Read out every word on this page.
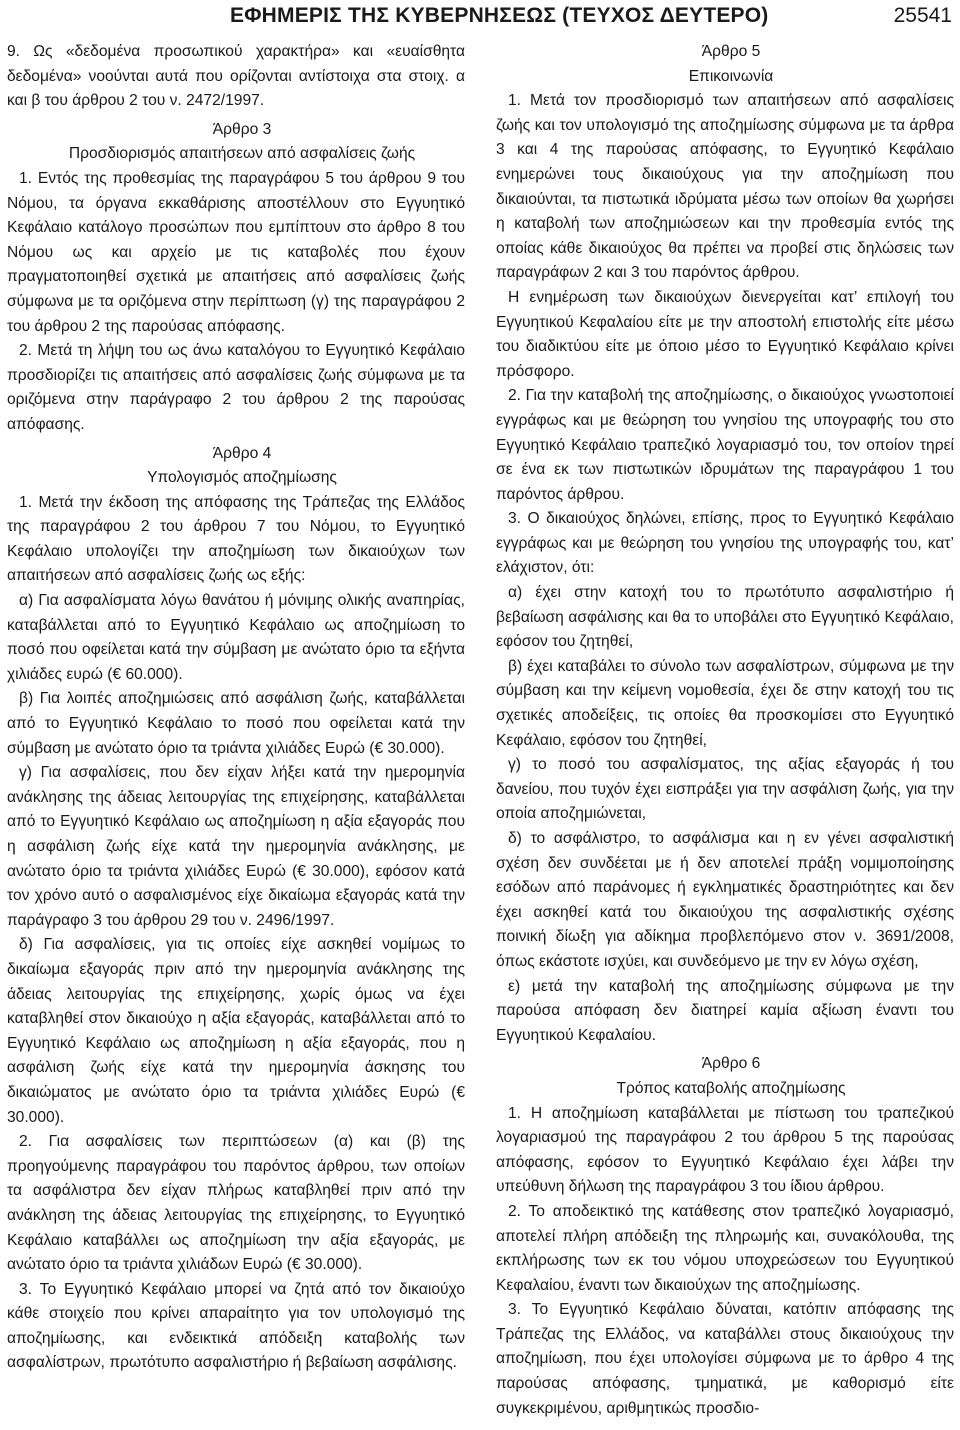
ΕΦΗΜΕΡΙΣ ΤΗΣ ΚΥΒΕΡΝΗΣΕΩΣ (ΤΕΥΧΟΣ ΔΕΥΤΕΡΟ)	25541

9. Ως «δεδομένα προσωπικού χαρακτήρα» και «ευαίσθητα δεδομένα» νοούνται αυτά που ορίζονται αντίστοιχα στα στοιχ. α και β του άρθρου 2 του ν. 2472/1997.

Άρθρο 3

Προσδιορισμός απαιτήσεων από ασφαλίσεις ζωής

1. Εντός της προθεσμίας της παραγράφου 5 του άρθρου 9 του Νόμου, τα όργανα εκκαθάρισης αποστέλλουν στο Εγγυητικό Κεφάλαιο κατάλογο προσώπων που εμπίπτουν στο άρθρο 8 του Νόμου ως και αρχείο με τις καταβολές που έχουν πραγματοποιηθεί σχετικά με απαιτήσεις από ασφαλίσεις ζωής σύμφωνα με τα οριζόμενα στην περίπτωση (γ) της παραγράφου 2 του άρθρου 2 της παρούσας απόφασης.

2. Μετά τη λήψη του ως άνω καταλόγου το Εγγυητικό Κεφάλαιο προσδιορίζει τις απαιτήσεις από ασφαλίσεις ζωής σύμφωνα με τα οριζόμενα στην παράγραφο 2 του άρθρου 2 της παρούσας απόφασης.

Άρθρο 4

Υπολογισμός αποζημίωσης

1. Μετά την έκδοση της απόφασης της Τράπεζας της Ελλάδος της παραγράφου 2 του άρθρου 7 του Νόμου, το Εγγυητικό Κεφάλαιο υπολογίζει την αποζημίωση των δικαιούχων των απαιτήσεων από ασφαλίσεις ζωής ως εξής:

α) Για ασφαλίσματα λόγω θανάτου ή μόνιμης ολικής αναπηρίας, καταβάλλεται από το Εγγυητικό Κεφάλαιο ως αποζημίωση το ποσό που οφείλεται κατά την σύμβαση με ανώτατο όριο τα εξήντα χιλιάδες ευρώ (€ 60.000).

β) Για λοιπές αποζημιώσεις από ασφάλιση ζωής, καταβάλλεται από το Εγγυητικό Κεφάλαιο το ποσό που οφείλεται κατά την σύμβαση με ανώτατο όριο τα τριάντα χιλιάδες Ευρώ (€ 30.000).

γ) Για ασφαλίσεις, που δεν είχαν λήξει κατά την ημερομηνία ανάκλησης της άδειας λειτουργίας της επιχείρησης, καταβάλλεται από το Εγγυητικό Κεφάλαιο ως αποζημίωση η αξία εξαγοράς που η ασφάλιση ζωής είχε κατά την ημερομηνία ανάκλησης, με ανώτατο όριο τα τριάντα χιλιάδες Ευρώ (€ 30.000), εφόσον κατά τον χρόνο αυτό ο ασφαλισμένος είχε δικαίωμα εξαγοράς κατά την παράγραφο 3 του άρθρου 29 του ν. 2496/1997.

δ) Για ασφαλίσεις, για τις οποίες είχε ασκηθεί νομίμως το δικαίωμα εξαγοράς πριν από την ημερομηνία ανάκλησης της άδειας λειτουργίας της επιχείρησης, χωρίς όμως να έχει καταβληθεί στον δικαιούχο η αξία εξαγοράς, καταβάλλεται από το Εγγυητικό Κεφάλαιο ως αποζημίωση η αξία εξαγοράς, που η ασφάλιση ζωής είχε κατά την ημερομηνία άσκησης του δικαιώματος με ανώτατο όριο τα τριάντα χιλιάδες Ευρώ (€ 30.000).

2. Για ασφαλίσεις των περιπτώσεων (α) και (β) της προηγούμενης παραγράφου του παρόντος άρθρου, των οποίων τα ασφάλιστρα δεν είχαν πλήρως καταβληθεί πριν από την ανάκληση της άδειας λειτουργίας της επιχείρησης, το Εγγυητικό Κεφάλαιο καταβάλλει ως αποζημίωση την αξία εξαγοράς, με ανώτατο όριο τα τριάντα χιλιάδων Ευρώ (€ 30.000).

3. Το Εγγυητικό Κεφάλαιο μπορεί να ζητά από τον δικαιούχο κάθε στοιχείο που κρίνει απαραίτητο για τον υπολογισμό της αποζημίωσης, και ενδεικτικά απόδειξη καταβολής των ασφαλίστρων, πρωτότυπο ασφαλιστήριο ή βεβαίωση ασφάλισης.

Άρθρο 5

Επικοινωνία

1. Μετά τον προσδιορισμό των απαιτήσεων από ασφαλίσεις ζωής και τον υπολογισμό της αποζημίωσης σύμφωνα με τα άρθρα 3 και 4 της παρούσας απόφασης, το Εγγυητικό Κεφάλαιο ενημερώνει τους δικαιούχους για την αποζημίωση που δικαιούνται, τα πιστωτικά ιδρύματα μέσω των οποίων θα χωρήσει η καταβολή των αποζημιώσεων και την προθεσμία εντός της οποίας κάθε δικαιούχος θα πρέπει να προβεί στις δηλώσεις των παραγράφων 2 και 3 του παρόντος άρθρου.

Η ενημέρωση των δικαιούχων διενεργείται κατ’ επιλογή του Εγγυητικού Κεφαλαίου είτε με την αποστολή επιστολής είτε μέσω του διαδικτύου είτε με όποιο μέσο το Εγγυητικό Κεφάλαιο κρίνει πρόσφορο.

2. Για την καταβολή της αποζημίωσης, ο δικαιούχος γνωστοποιεί εγγράφως και με θεώρηση του γνησίου της υπογραφής του στο Εγγυητικό Κεφάλαιο τραπεζικό λογαριασμό του, τον οποίον τηρεί σε ένα εκ των πιστωτικών ιδρυμάτων της παραγράφου 1 του παρόντος άρθρου.

3. Ο δικαιούχος δηλώνει, επίσης, προς το Εγγυητικό Κεφάλαιο εγγράφως και με θεώρηση του γνησίου της υπογραφής του, κατ’ ελάχιστον, ότι:

α) έχει στην κατοχή του το πρωτότυπο ασφαλιστήριο ή βεβαίωση ασφάλισης και θα το υποβάλει στο Εγγυητικό Κεφάλαιο, εφόσον του ζητηθεί,

β) έχει καταβάλει το σύνολο των ασφαλίστρων, σύμφωνα με την σύμβαση και την κείμενη νομοθεσία, έχει δε στην κατοχή του τις σχετικές αποδείξεις, τις οποίες θα προσκομίσει στο Εγγυητικό Κεφάλαιο, εφόσον του ζητηθεί,

γ) το ποσό του ασφαλίσματος, της αξίας εξαγοράς ή του δανείου, που τυχόν έχει εισπράξει για την ασφάλιση ζωής, για την οποία αποζημιώνεται,

δ) το ασφάλιστρο, το ασφάλισμα και η εν γένει ασφαλιστική σχέση δεν συνδέεται με ή δεν αποτελεί πράξη νομιμοποίησης εσόδων από παράνομες ή εγκληματικές δραστηριότητες και δεν έχει ασκηθεί κατά του δικαιούχου της ασφαλιστικής σχέσης ποινική δίωξη για αδίκημα προβλεπόμενο στον ν. 3691/2008, όπως εκάστοτε ισχύει, και συνδεόμενο με την εν λόγω σχέση,

ε) μετά την καταβολή της αποζημίωσης σύμφωνα με την παρούσα απόφαση δεν διατηρεί καμία αξίωση έναντι του Εγγυητικού Κεφαλαίου.

Άρθρο 6

Τρόπος καταβολής αποζημίωσης

1. Η αποζημίωση καταβάλλεται με πίστωση του τραπεζικού λογαριασμού της παραγράφου 2 του άρθρου 5 της παρούσας απόφασης, εφόσον το Εγγυητικό Κεφάλαιο έχει λάβει την υπεύθυνη δήλωση της παραγράφου 3 του ίδιου άρθρου.

2. Το αποδεικτικό της κατάθεσης στον τραπεζικό λογαριασμό, αποτελεί πλήρη απόδειξη της πληρωμής και, συνακόλουθα, της εκπλήρωσης των εκ του νόμου υποχρεώσεων του Εγγυητικού Κεφαλαίου, έναντι των δικαιούχων της αποζημίωσης.

3. Το Εγγυητικό Κεφάλαιο δύναται, κατόπιν απόφασης της Τράπεζας της Ελλάδος, να καταβάλλει στους δικαιούχους την αποζημίωση, που έχει υπολογίσει σύμφωνα με το άρθρο 4 της παρούσας απόφασης, τμηματικά, με καθορισμό είτε συγκεκριμένου, αριθμητικώς προσδιο-
